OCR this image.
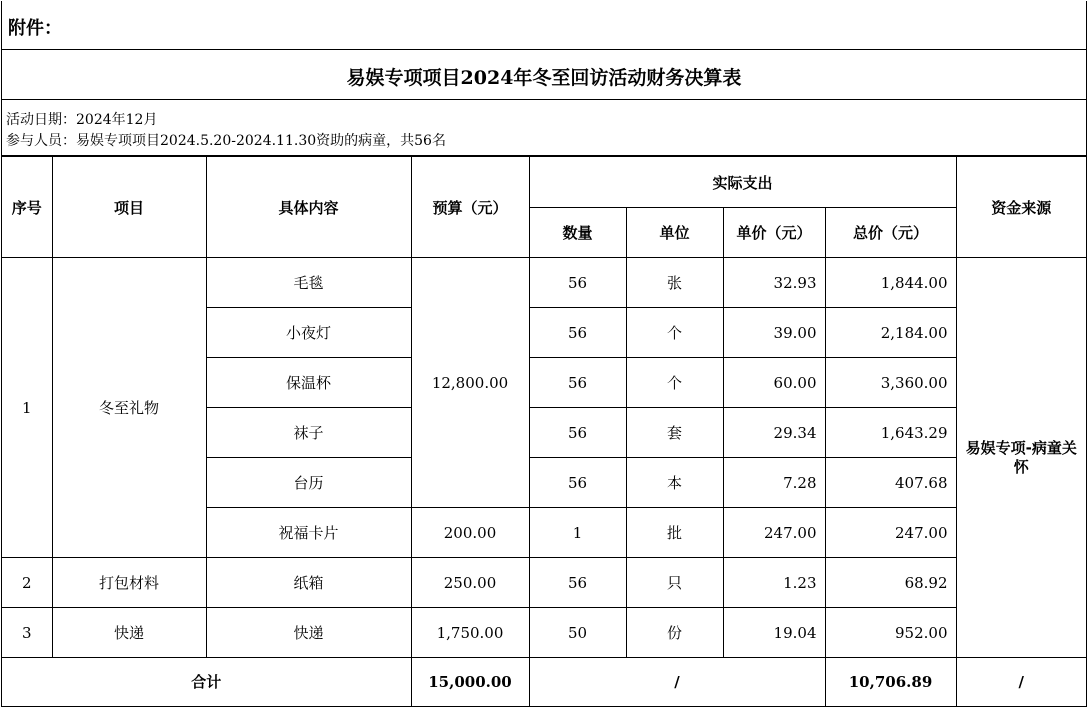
附件：
易娱专项项目2024年冬至回访活动财务决算表
活动日期：2024年12月
参与人员：易娱专项项目2024.5.20-2024.11.30资助的病童，共56名
序号	项目	具体内容	预算（元）	实际支出				资金来源
				数量	单位	单价（元）	总价（元）	
1	冬至礼物	毛毯	12,800.00	56	张	32.93	1,844.00	易娱专项-病童关怀
		小夜灯		56	个	39.00	2,184.00	
		保温杯		56	个	60.00	3,360.00	
		袜子		56	套	29.34	1,643.29	
		台历		56	本	7.28	407.68	
		祝福卡片	200.00	1	批	247.00	247.00	
2	打包材料	纸箱	250.00	56	只	1.23	68.92	
3	快递	快递	1,750.00	50	份	19.04	952.00	
合计			15,000.00	/			10,706.89	/
